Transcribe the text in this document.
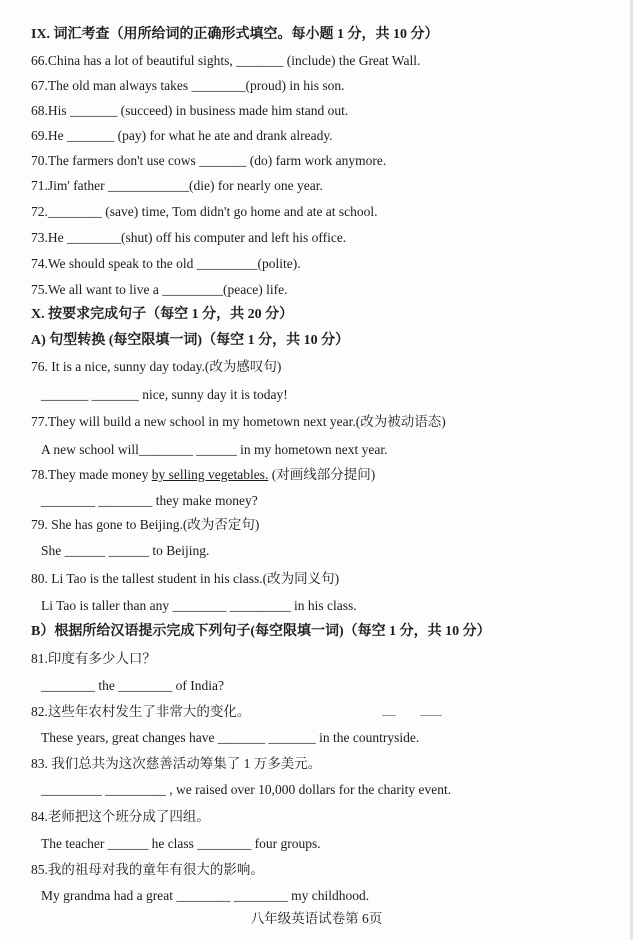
IX. 词汇考查（用所给词的正确形式填空。每小题 1 分，共 10 分）
66.China has a lot of beautiful sights, _______ (include) the Great Wall.
67.The old man always takes ________(proud) in his son.
68.His _______ (succeed) in business made him stand out.
69.He _______ (pay) for what he ate and drank already.
70.The farmers don't use cows _______ (do) farm work anymore.
71.Jim' father ____________(die) for nearly one year.
72.________ (save) time, Tom didn't go home and ate at school.
73.He ________(shut) off his computer and left his office.
74.We should speak to the old _________(polite).
75.We all want to live a _________(peace) life.
X. 按要求完成句子（每空 1 分，共 20 分）
A) 句型转换 (每空限填一词)（每空 1 分，共 10 分）
76. It is a nice, sunny day today.(改为感叹句)
_______ _______ nice, sunny day it is today!
77.They will build a new school in my hometown next year.(改为被动语态)
A new school will________ ______ in my hometown next year.
78.They made money by selling vegetables. (对画线部分提问)
________ ________ they make money?
79. She has gone to Beijing.(改为否定句)
She ______ ______ to Beijing.
80. Li Tao is the tallest student in his class.(改为同义句)
Li Tao is taller than any ________ _________ in his class.
B）根据所给汉语提示完成下列句子(每空限填一词)（每空 1 分，共 10 分）
81.印度有多少人口？
________ the ________ of India?
82.这些年农村发生了非常大的变化。
These years, great changes have _______ _______ in the countryside.
83. 我们总共为这次慈善活动筹集了 1 万多美元。
_________ _________ , we raised over 10,000 dollars for the charity event.
84.老师把这个班分成了四组。
The teacher ______ he class ________ four groups.
85.我的祖母对我的童年有很大的影响。
My grandma had a great ________ ________ my childhood.
八年级英语试卷第 6页
